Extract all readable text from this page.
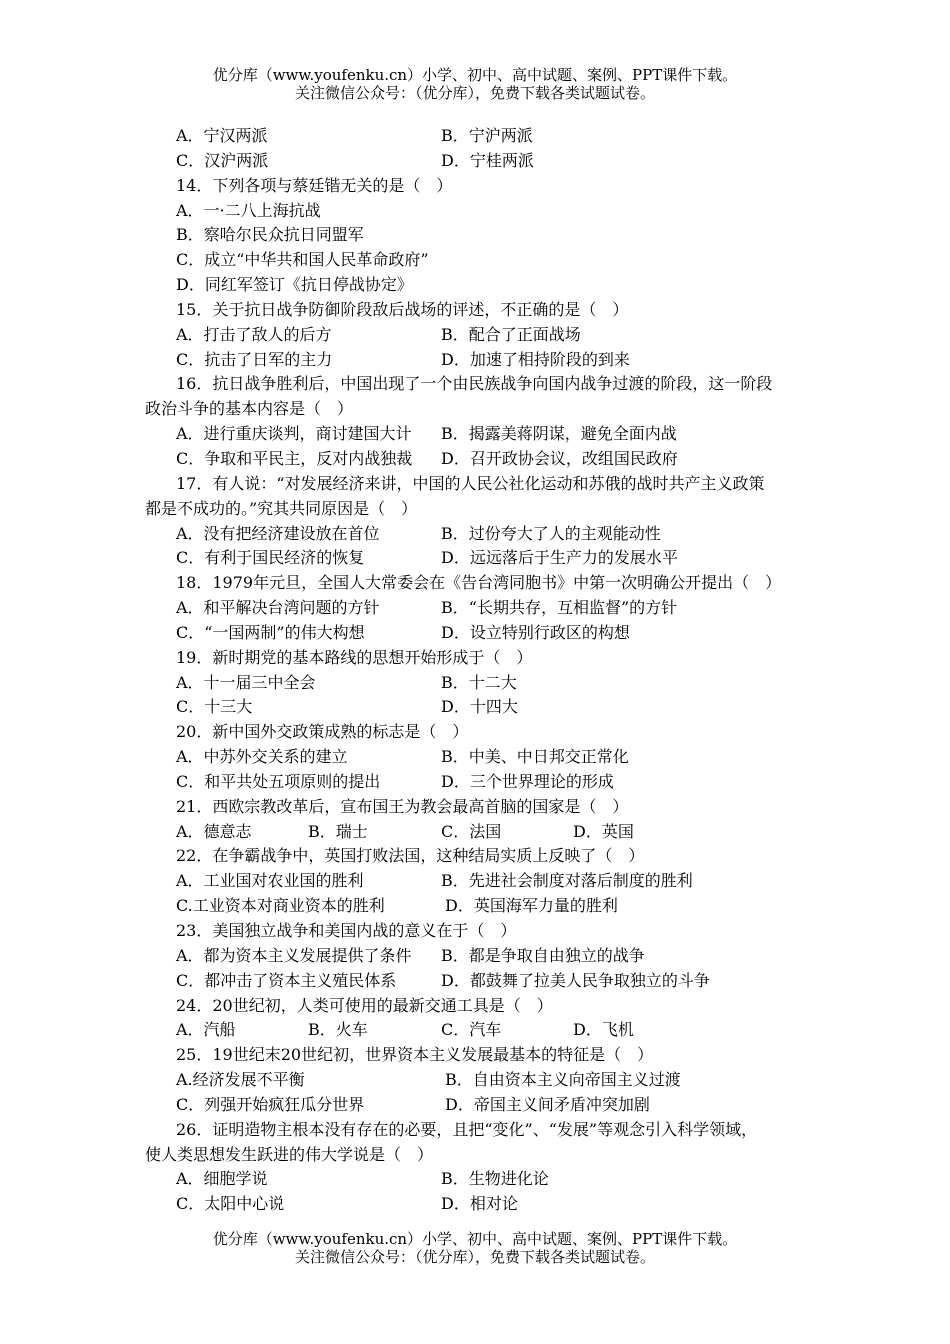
优分库（www.youfenku.cn）小学、初中、高中试题、案例、PPT课件下载。
关注微信公众号：（优分库），免费下载各类试题试卷。
A．宁汉两派	B．宁沪两派
C．汉沪两派	D．宁桂两派
14．下列各项与蔡廷锴无关的是（　）
A．一·二八上海抗战
B．察哈尔民众抗日同盟军
C．成立“中华共和国人民革命政府”
D．同红军签订《抗日停战协定》
15．关于抗日战争防御阶段敌后战场的评述，不正确的是（　）
A．打击了敌人的后方	B．配合了正面战场
C．抗击了日军的主力	D．加速了相持阶段的到来
16．抗日战争胜利后，中国出现了一个由民族战争向国内战争过渡的阶段，这一阶段
政治斗争的基本内容是（　）
A．进行重庆谈判，商讨建国大计 B．揭露美蒋阴谋，避免全面内战
C．争取和平民主，反对内战独裁 D．召开政协会议，改组国民政府
17．有人说：“对发展经济来讲，中国的人民公社化运动和苏俄的战时共产主义政策
都是不成功的。”究其共同原因是（　）
A．没有把经济建设放在首位	B．过份夸大了人的主观能动性
C．有利于国民经济的恢复	D．远远落后于生产力的发展水平
18．1979年元旦，全国人大常委会在《告台湾同胞书》中第一次明确公开提出（　）
A．和平解决台湾问题的方针	B．“长期共存，互相监督”的方针
C．“一国两制”的伟大构想	D．设立特别行政区的构想
19．新时期党的基本路线的思想开始形成于（　）
A．十一届三中全会	B．十二大
C．十三大	D．十四大
20．新中国外交政策成熟的标志是（　）
A．中苏外交关系的建立	B．中美、中日邦交正常化
C．和平共处五项原则的提出	D．三个世界理论的形成
21．西欧宗教改革后，宣布国王为教会最高首脑的国家是（　）
A．德意志	B．瑞士	C．法国	D．英国
22．在争霸战争中，英国打败法国，这种结局实质上反映了（　）
A．工业国对农业国的胜利	B．先进社会制度对落后制度的胜利
C.工业资本对商业资本的胜利	D．英国海军力量的胜利
23．美国独立战争和美国内战的意义在于（　）
A．都为资本主义发展提供了条件 B．都是争取自由独立的战争
C．都冲击了资本主义殖民体系	D．都鼓舞了拉美人民争取独立的斗争
24．20世纪初，人类可使用的最新交通工具是（　）
A．汽船	B．火车	C．汽车	D．飞机
25．19世纪末20世纪初，世界资本主义发展最基本的特征是（　）
A.经济发展不平衡	B．自由资本主义向帝国主义过渡
C．列强开始疯狂瓜分世界	D．帝国主义间矛盾冲突加剧
26．证明造物主根本没有存在的必要，且把“变化”、“发展”等观念引入科学领域，
使人类思想发生跃进的伟大学说是（　）
A．细胞学说	B．生物进化论
C．太阳中心说	D．相对论
优分库（www.youfenku.cn）小学、初中、高中试题、案例、PPT课件下载。
关注微信公众号：（优分库），免费下载各类试题试卷。
